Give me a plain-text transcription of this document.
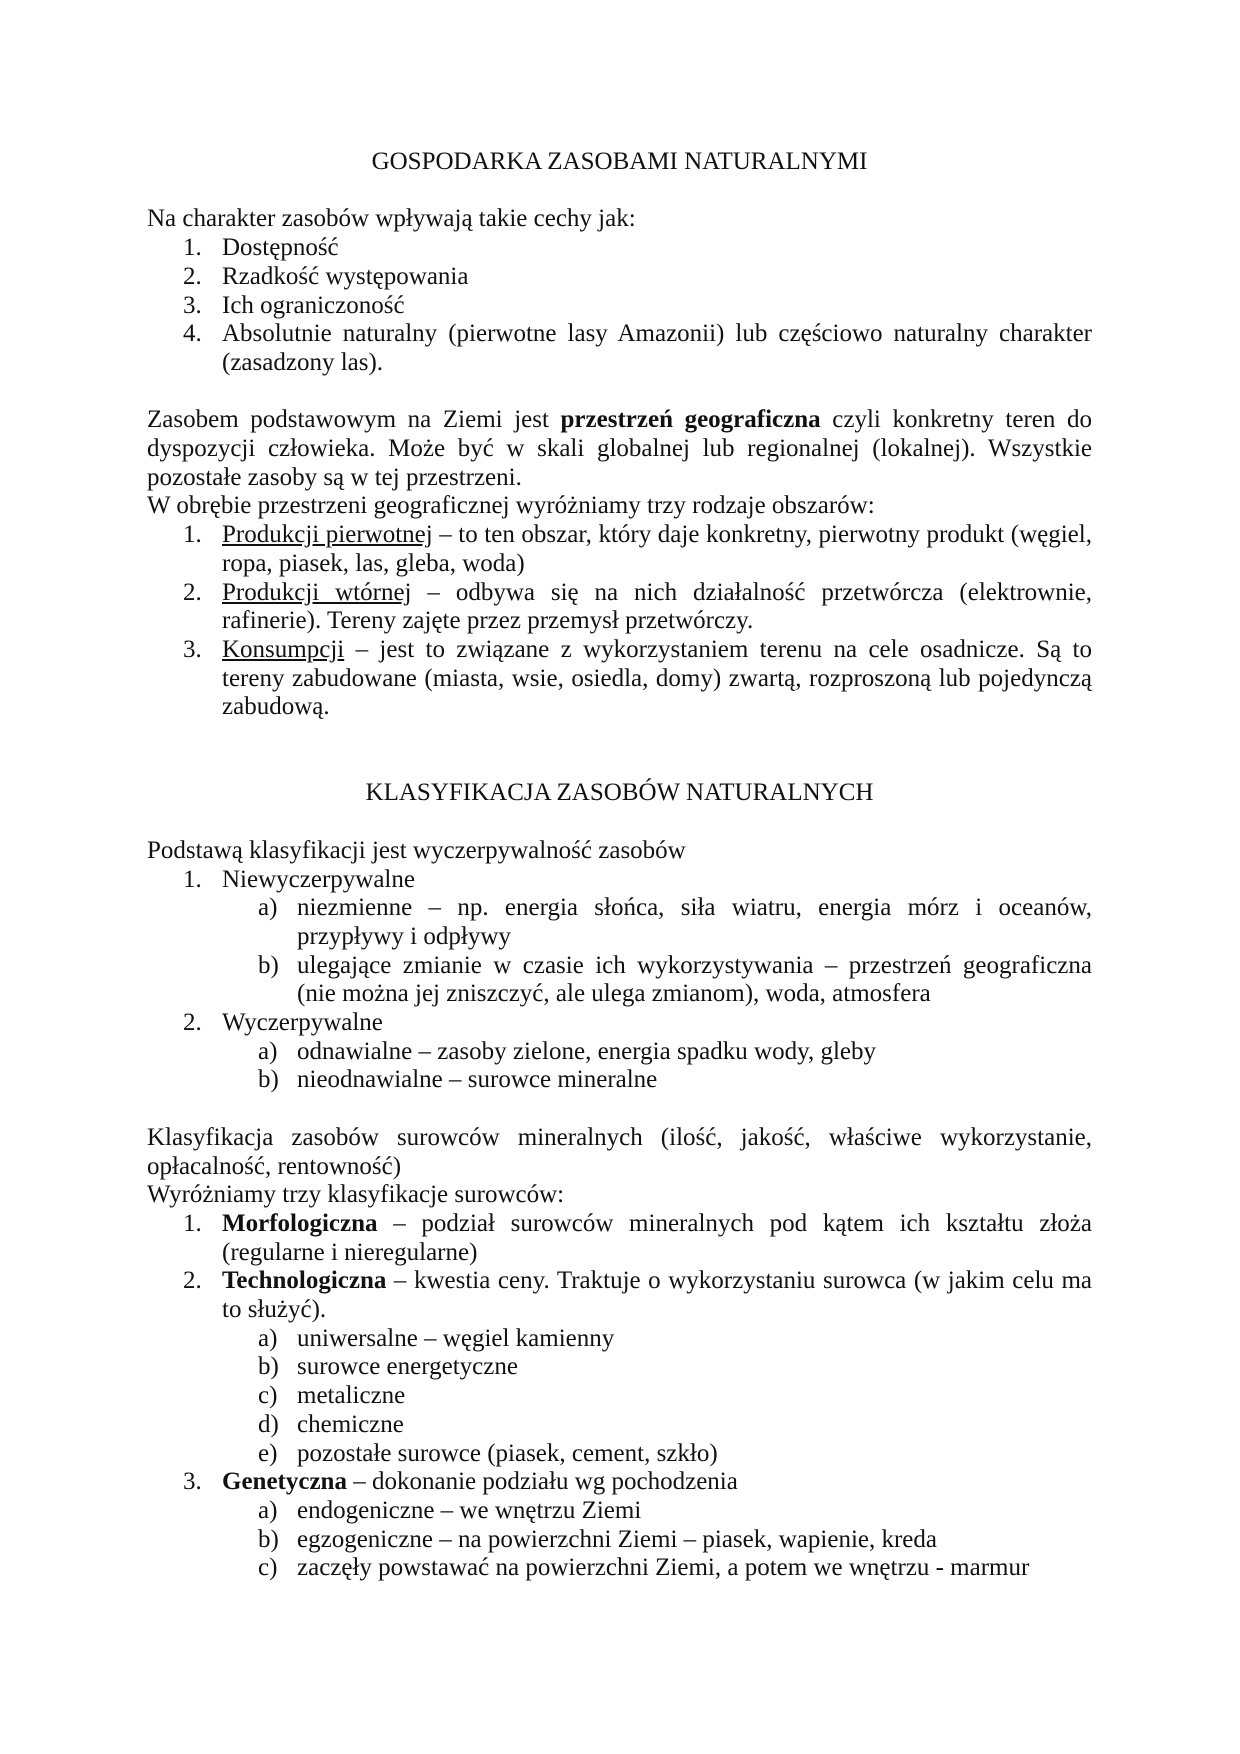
GOSPODARKA ZASOBAMI NATURALNYMI

Na charakter zasobów wpływają takie cechy jak:

1. Dostępność
2. Rzadkość występowania
3. Ich ograniczoność
4. Absolutnie naturalny (pierwotne lasy Amazonii) lub częściowo naturalny charakter (zasadzony las).

Zasobem podstawowym na Ziemi jest przestrzeń geograficzna czyli konkretny teren do dyspozycji człowieka. Może być w skali globalnej lub regionalnej (lokalnej). Wszystkie pozostałe zasoby są w tej przestrzeni.

W obrębie przestrzeni geograficznej wyróżniamy trzy rodzaje obszarów:

1. Produkcji pierwotnej – to ten obszar, który daje konkretny, pierwotny produkt (węgiel, ropa, piasek, las, gleba, woda)
2. Produkcji wtórnej – odbywa się na nich działalność przetwórcza (elektrownie, rafinerie). Tereny zajęte przez przemysł przetwórczy.
3. Konsumpcji – jest to związane z wykorzystaniem terenu na cele osadnicze. Są to tereny zabudowane (miasta, wsie, osiedla, domy) zwartą, rozproszoną lub pojedynczą zabudową.
KLASYFIKACJA ZASOBÓW NATURALNYCH

Podstawą klasyfikacji jest wyczerpywalność zasobów

1. Niewyczerpywalne
a) niezmienne – np. energia słońca, siła wiatru, energia mórz i oceanów, przypływy i odpływy
b) ulegające zmianie w czasie ich wykorzystywania – przestrzeń geograficzna (nie można jej zniszczyć, ale ulega zmianom), woda, atmosfera
2. Wyczerpywalne
a) odnawialne – zasoby zielone, energia spadku wody, gleby
b) nieodnawialne – surowce mineralne

Klasyfikacja zasobów surowców mineralnych (ilość, jakość, właściwe wykorzystanie, opłacalność, rentowność)

Wyróżniamy trzy klasyfikacje surowców:

1. Morfologiczna – podział surowców mineralnych pod kątem ich kształtu złoża (regularne i nieregularne)
2. Technologiczna – kwestia ceny. Traktuje o wykorzystaniu surowca (w jakim celu ma to służyć).
a) uniwersalne – węgiel kamienny
b) surowce energetyczne
c) metaliczne
d) chemiczne
e) pozostałe surowce (piasek, cement, szkło)
3. Genetyczna – dokonanie podziału wg pochodzenia
a) endogeniczne – we wnętrzu Ziemi
b) egzogeniczne – na powierzchni Ziemi – piasek, wapienie, kreda
c) zaczęły powstawać na powierzchni Ziemi, a potem we wnętrzu - marmur
